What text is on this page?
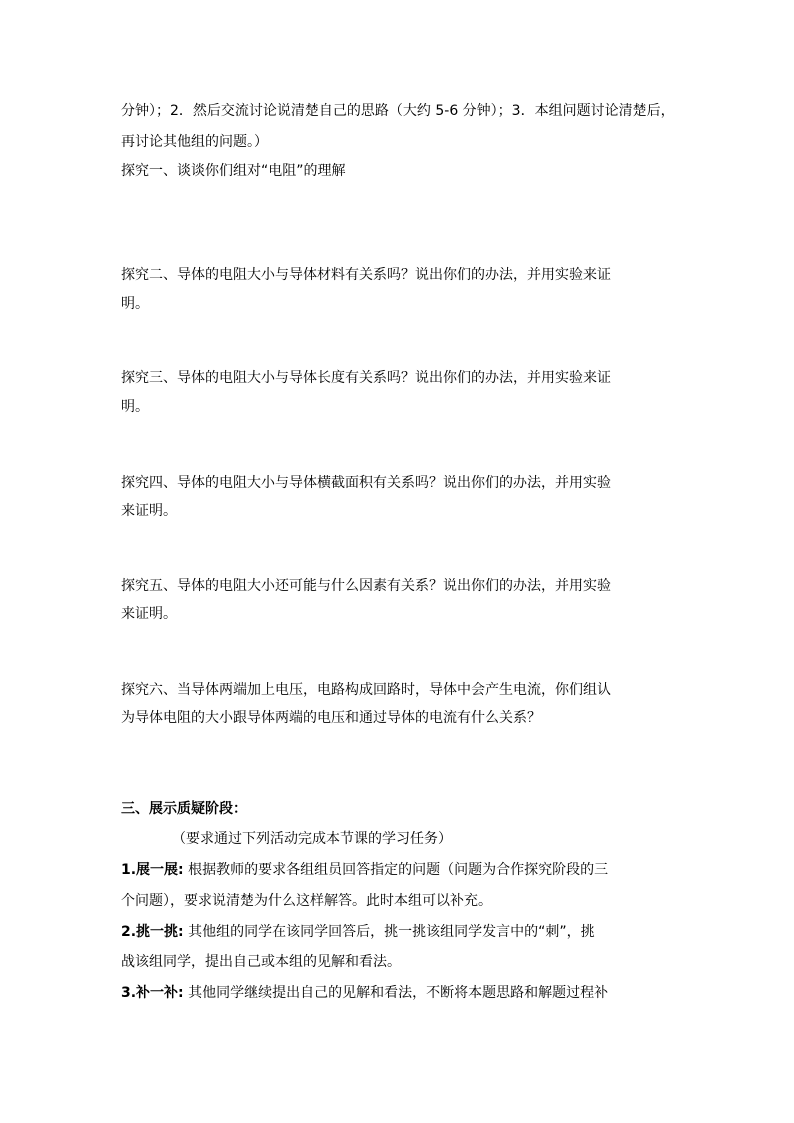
分钟）；2．然后交流讨论说清楚自己的思路（大约 5-6 分钟）；3．本组问题讨论清楚后，
再讨论其他组的问题。）
探究一、谈谈你们组对“电阻”的理解
探究二、导体的电阻大小与导体材料有关系吗？说出你们的办法，并用实验来证
明。
探究三、导体的电阻大小与导体长度有关系吗？说出你们的办法，并用实验来证
明。
探究四、导体的电阻大小与导体横截面积有关系吗？说出你们的办法，并用实验
来证明。
探究五、导体的电阻大小还可能与什么因素有关系？说出你们的办法，并用实验
来证明。
探究六、当导体两端加上电压，电路构成回路时，导体中会产生电流，你们组认
为导体电阻的大小跟导体两端的电压和通过导体的电流有什么关系？
三、展示质疑阶段：
（要求通过下列活动完成本节课的学习任务）
1.展一展: 根据教师的要求各组组员回答指定的问题（问题为合作探究阶段的三
个问题），要求说清楚为什么这样解答。此时本组可以补充。
2.挑一挑: 其他组的同学在该同学回答后，挑一挑该组同学发言中的“刺”，挑
战该组同学，提出自己或本组的见解和看法。
3.补一补: 其他同学继续提出自己的见解和看法，不断将本题思路和解题过程补
